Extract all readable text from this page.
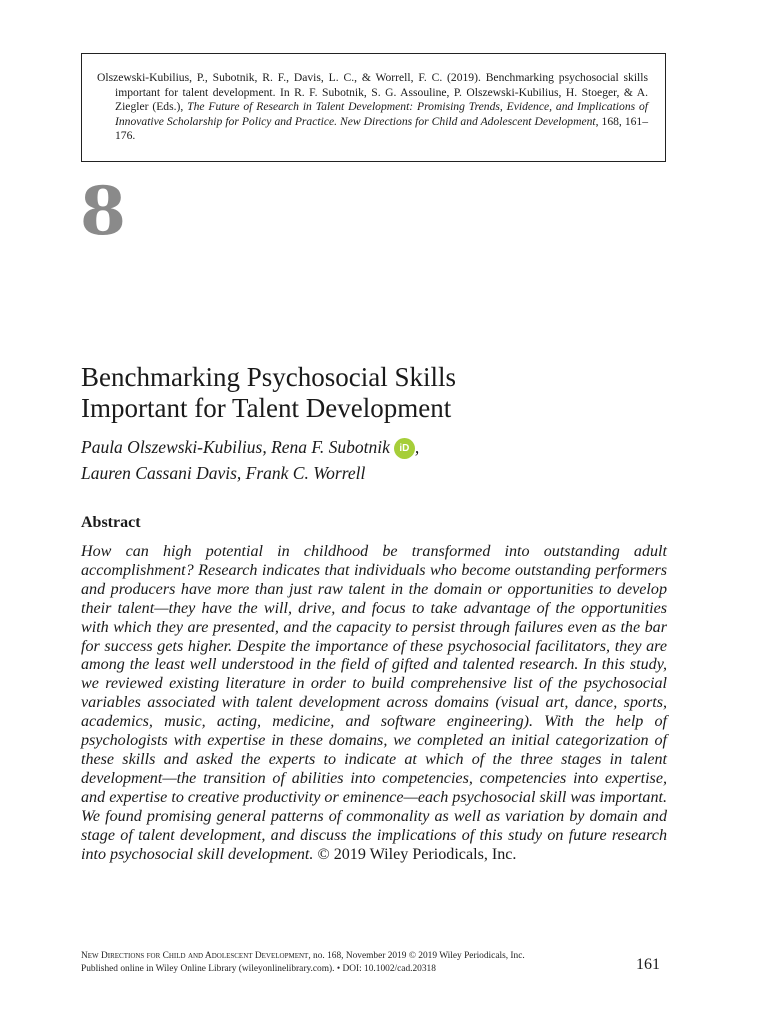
Olszewski-Kubilius, P., Subotnik, R. F., Davis, L. C., & Worrell, F. C. (2019). Benchmarking psychosocial skills important for talent development. In R. F. Subotnik, S. G. Assouline, P. Olszewski-Kubilius, H. Stoeger, & A. Ziegler (Eds.), The Future of Research in Talent Development: Promising Trends, Evidence, and Implications of Innovative Scholarship for Policy and Practice. New Directions for Child and Adolescent Development, 168, 161–176.
8
Benchmarking Psychosocial Skills
Important for Talent Development
Paula Olszewski-Kubilius, Rena F. Subotnik iD ,
Lauren Cassani Davis, Frank C. Worrell
Abstract

How can high potential in childhood be transformed into outstanding adult accomplishment? Research indicates that individuals who become outstanding performers and producers have more than just raw talent in the domain or opportunities to develop their talent—they have the will, drive, and focus to take advantage of the opportunities with which they are presented, and the capacity to persist through failures even as the bar for success gets higher. Despite the importance of these psychosocial facilitators, they are among the least well understood in the field of gifted and talented research. In this study, we reviewed existing literature in order to build comprehensive list of the psychosocial variables associated with talent development across domains (visual art, dance, sports, academics, music, acting, medicine, and software engineering). With the help of psychologists with expertise in these domains, we completed an initial categorization of these skills and asked the experts to indicate at which of the three stages in talent development—the transition of abilities into competencies, competencies into expertise, and expertise to creative productivity or eminence—each psychosocial skill was important. We found promising general patterns of commonality as well as variation by domain and stage of talent development, and discuss the implications of this study on future research into psychosocial skill development. © 2019 Wiley Periodicals, Inc.

New Directions for Child and Adolescent Development, no. 168, November 2019 © 2019 Wiley Periodicals, Inc.
Published online in Wiley Online Library (wileyonlinelibrary.com). • DOI: 10.1002/cad.20318	161
